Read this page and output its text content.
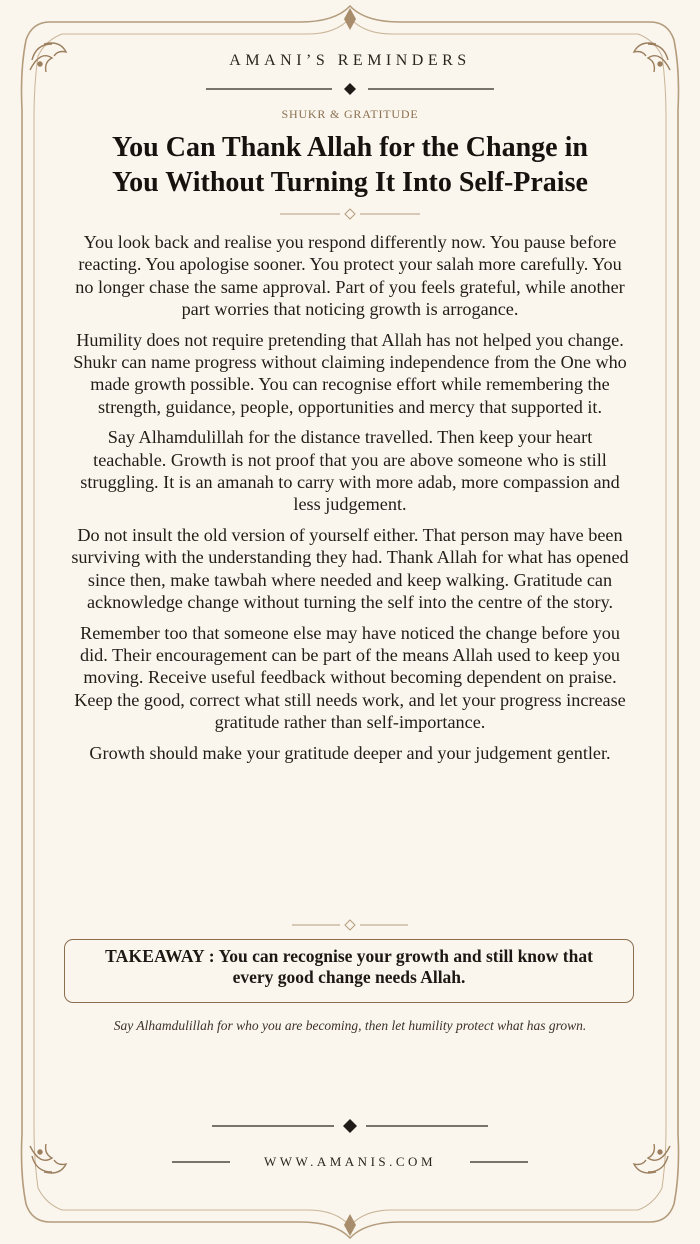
AMANI’S REMINDERS
SHUKR & GRATITUDE
You Can Thank Allah for the Change in
You Without Turning It Into Self-Praise

You look back and realise you respond differently now. You pause before reacting. You apologise sooner. You protect your salah more carefully. You no longer chase the same approval. Part of you feels grateful, while another part worries that noticing growth is arrogance.

Humility does not require pretending that Allah has not helped you change. Shukr can name progress without claiming independence from the One who made growth possible. You can recognise effort while remembering the strength, guidance, people, opportunities and mercy that supported it.

Say Alhamdulillah for the distance travelled. Then keep your heart teachable. Growth is not proof that you are above someone who is still struggling. It is an amanah to carry with more adab, more compassion and less judgement.

Do not insult the old version of yourself either. That person may have been surviving with the understanding they had. Thank Allah for what has opened since then, make tawbah where needed and keep walking. Gratitude can acknowledge change without turning the self into the centre of the story.

Remember too that someone else may have noticed the change before you did. Their encouragement can be part of the means Allah used to keep you moving. Receive useful feedback without becoming dependent on praise. Keep the good, correct what still needs work, and let your progress increase gratitude rather than self-importance.

Growth should make your gratitude deeper and your judgement gentler.

TAKEAWAY : You can recognise your growth and still know that every good change needs Allah.
Say Alhamdulillah for who you are becoming, then let humility protect what has grown.
WWW.AMANIS.COM
